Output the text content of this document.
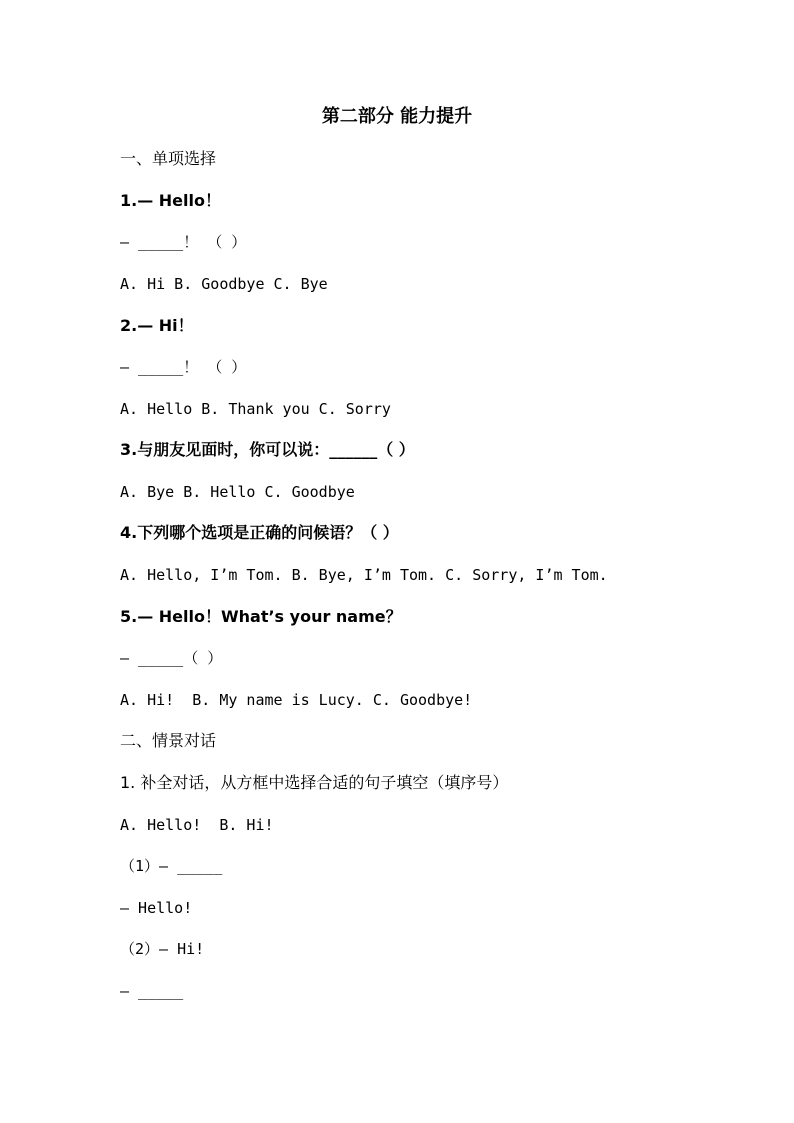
第二部分 能力提升
一、单项选择
1.— Hello！
— _____！ （ ）
A. Hi B. Goodbye C. Bye
2.— Hi！
— _____！ （ ）
A. Hello B. Thank you C. Sorry
3.与朋友见面时，你可以说：______（ ）
A. Bye B. Hello C. Goodbye
4.下列哪个选项是正确的问候语？（ ）
A. Hello, I’m Tom. B. Bye, I’m Tom. C. Sorry, I’m Tom.
5.— Hello！What’s your name？
— _____（ ）
A. Hi!  B. My name is Lucy. C. Goodbye!
二、情景对话
1. 补全对话，从方框中选择合适的句子填空（填序号）
A. Hello!  B. Hi!
（1）— _____
— Hello!
（2）— Hi!
— _____
